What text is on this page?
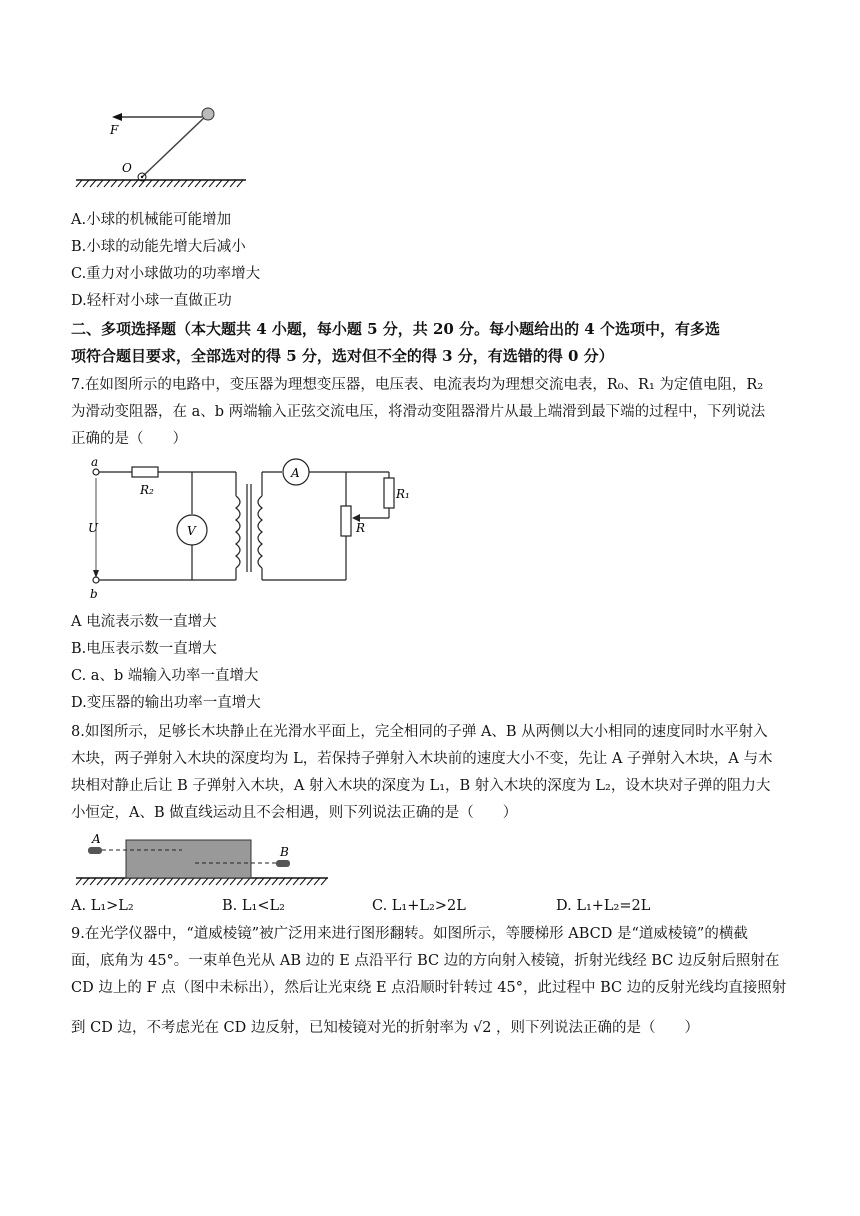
F
O
A.小球的机械能可能增加
B.小球的动能先增大后减小
C.重力对小球做功的功率增大
D.轻杆对小球一直做正功
二、多项选择题（本大题共 4 小题，每小题 5 分，共 20 分。每小题给出的 4 个选项中，有多选
项符合题目要求，全部选对的得 5 分，选对但不全的得 3 分，有选错的得 0 分）
7.在如图所示的电路中，变压器为理想变压器，电压表、电流表均为理想交流电表，R₀、R₁ 为定值电阻，R₂
为滑动变阻器，在 a、b 两端输入正弦交流电压，将滑动变阻器滑片从最上端滑到最下端的过程中，下列说法
正确的是（　　）
a
b
R₂
U	V
A
R₁
R
A 电流表示数一直增大
B.电压表示数一直增大
C. a、b 端输入功率一直增大
D.变压器的输出功率一直增大
8.如图所示，足够长木块静止在光滑水平面上，完全相同的子弹 A、B 从两侧以大小相同的速度同时水平射入
木块，两子弹射入木块的深度均为 L，若保持子弹射入木块前的速度大小不变，先让 A 子弹射入木块，A 与木
块相对静止后让 B 子弹射入木块，A 射入木块的深度为 L₁，B 射入木块的深度为 L₂，设木块对子弹的阻力大
小恒定，A、B 做直线运动且不会相遇，则下列说法正确的是（　　）
A
B
A. L₁>L₂	B. L₁<L₂	C. L₁+L₂>2L	D. L₁+L₂=2L
9.在光学仪器中，“道威棱镜”被广泛用来进行图形翻转。如图所示，等腰梯形 ABCD 是“道威棱镜”的横截
面，底角为 45°。一束单色光从 AB 边的 E 点沿平行 BC 边的方向射入棱镜，折射光线经 BC 边反射后照射在
CD 边上的 F 点（图中未标出），然后让光束绕 E 点沿顺时针转过 45°，此过程中 BC 边的反射光线均直接照射
到 CD 边，不考虑光在 CD 边反射，已知棱镜对光的折射率为 √2 ，则下列说法正确的是（　　）
